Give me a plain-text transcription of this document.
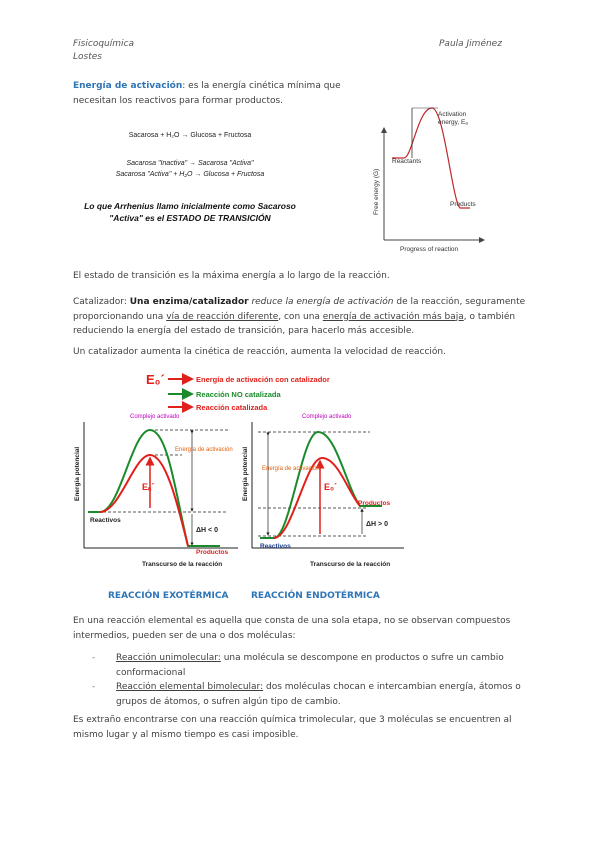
Fisicoquímica
Lostes
Paula Jiménez
Energía de activación: es la energía cinética mínima que necesitan los reactivos para formar productos.
Sacarosa + H₂O → Glucosa + Fructosa
Sacarosa "Inactiva" → Sacarosa "Activa"
Sacarosa "Activa" + H₂O → Glucosa + Fructosa
Lo que Arrhenius llamo inicialmente como Sacaroso
"Activa" es el ESTADO DE TRANSICIÓN
Activation
energy, Eₐ
Reactants
Products
Free energy (G)
Progress of reaction
El estado de transición es la máxima energía a lo largo de la reacción.
Catalizador: Una enzima/catalizador reduce la energía de activación de la reacción, seguramente proporcionando una vía de reacción diferente, con una energía de activación más baja, o también reduciendo la energía del estado de transición, para hacerlo más accesible.
Un catalizador aumenta la cinética de reacción, aumenta la velocidad de reacción.
E₀´	Energía de activación con catalizador
Reacción NO catalizada
Reacción catalizada
Energía potencial
Transcurso de la reacción
Eₐ´
Complejo activado
Energía de activación
Reactivos
ΔH < 0
Productos
Energía potencial
Transcurso de la reacción
E₀´
Complejo activado
Energía de activación
Productos
ΔH > 0
Reactivos
REACCIÓN EXOTÉRMICA	REACCIÓN ENDOTÉRMICA
En una reacción elemental es aquella que consta de una sola etapa, no se observan compuestos intermedios, pueden ser de una o dos moléculas:
- Reacción unimolecular: una molécula se descompone en productos o sufre un cambio conformacional
- Reacción elemental bimolecular: dos moléculas chocan e intercambian energía, átomos o grupos de átomos, o sufren algún tipo de cambio.
Es extraño encontrarse con una reacción química trimolecular, que 3 moléculas se encuentren al mismo lugar y al mismo tiempo es casi imposible.
